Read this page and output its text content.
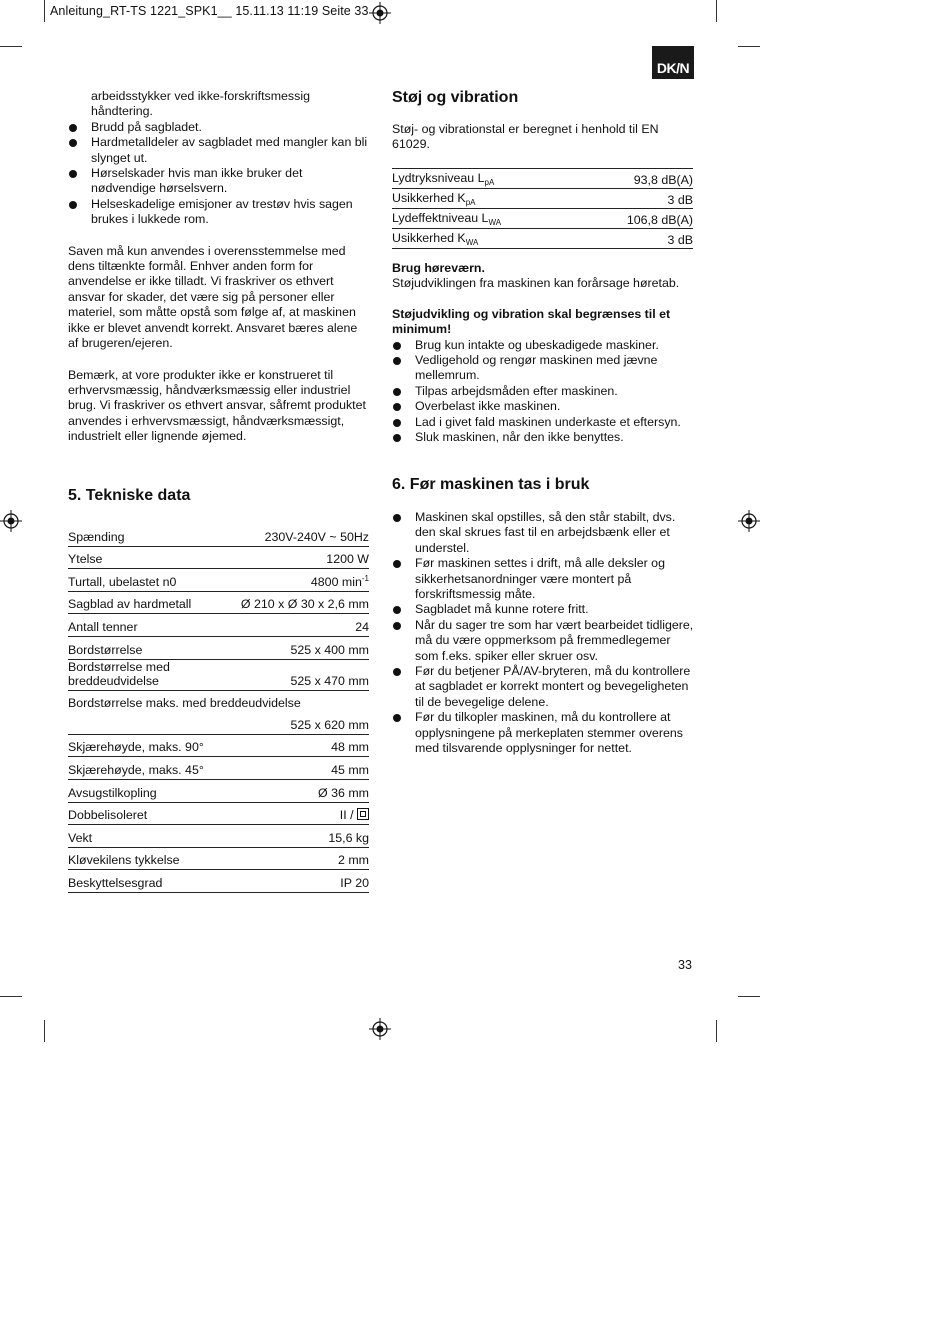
Anleitung_RT-TS 1221_SPK1__ 15.11.13 11:19 Seite 33
DK/N
arbeidsstykker ved ikke-forskriftsmessig
håndtering.
Brudd på sagbladet.
Hardmetalldeler av sagbladet med mangler kan bli slynget ut.
Hørselskader hvis man ikke bruker det nødvendige hørselsvern.
Helseskadelige emisjoner av trestøv hvis sagen brukes i lukkede rom.

Saven må kun anvendes i overensstemmelse med dens tiltænkte formål. Enhver anden form for anvendelse er ikke tilladt. Vi fraskriver os ethvert ansvar for skader, det være sig på personer eller materiel, som måtte opstå som følge af, at maskinen ikke er blevet anvendt korrekt. Ansvaret bæres alene af brugeren/ejeren.

Bemærk, at vore produkter ikke er konstrueret til erhvervsmæssig, håndværksmæssig eller industriel brug. Vi fraskriver os ethvert ansvar, såfremt produktet anvendes i erhvervsmæssigt, håndværksmæssigt, industrielt eller lignende øjemed.

5. Tekniske data
Spænding	230V-240V ~ 50Hz
Ytelse	1200 W
Turtall, ubelastet n0	4800 $\min^{-1}$
Sagblad av hardmetall	Ø 210 x Ø 30 x 2,6 mm
Antall tenner	24
Bordstørrelse	525 x 400 mm
Bordstørrelse med breddeudvidelse	525 x 470 mm
Bordstørrelse maks. med breddeudvidelse	
	525 x 620 mm
Skjærehøyde, maks. 90°	48 mm
Skjærehøyde, maks. 45°	45 mm
Avsugstilkopling	Ø 36 mm
Dobbelisoleret	II /
Vekt	15,6 kg
Kløvekilens tykkelse	2 mm
Beskyttelsesgrad	IP 20
Støj og vibration

Støj- og vibrationstal er beregnet i henhold til EN 61029.

Lydtryksniveau $L_{pA}$	93,8 dB(A)
Usikkerhed $K_{pA}$	3 dB
Lydeffektniveau $L_{WA}$	106,8 dB(A)
Usikkerhed $K_{WA}$	3 dB
Brug høreværn.
Støjudviklingen fra maskinen kan forårsage høretab.
Støjudvikling og vibration skal begrænses til et minimum!
Brug kun intakte og ubeskadigede maskiner.
Vedligehold og rengør maskinen med jævne mellemrum.
Tilpas arbejdsmåden efter maskinen.
Overbelast ikke maskinen.
Lad i givet fald maskinen underkaste et eftersyn.
Sluk maskinen, når den ikke benyttes.
6. Før maskinen tas i bruk
Maskinen skal opstilles, så den står stabilt, dvs. den skal skrues fast til en arbejdsbænk eller et understel.
Før maskinen settes i drift, må alle deksler og sikkerhetsanordninger være montert på forskriftsmessig måte.
Sagbladet må kunne rotere fritt.
Når du sager tre som har vært bearbeidet tidligere, må du være oppmerksom på fremmedlegemer som f.eks. spiker eller skruer osv.
Før du betjener PÅ/AV-bryteren, må du kontrollere at sagbladet er korrekt montert og bevegeligheten til de bevegelige delene.
Før du tilkopler maskinen, må du kontrollere at opplysningene på merkeplaten stemmer overens med tilsvarende opplysninger for nettet.
33
